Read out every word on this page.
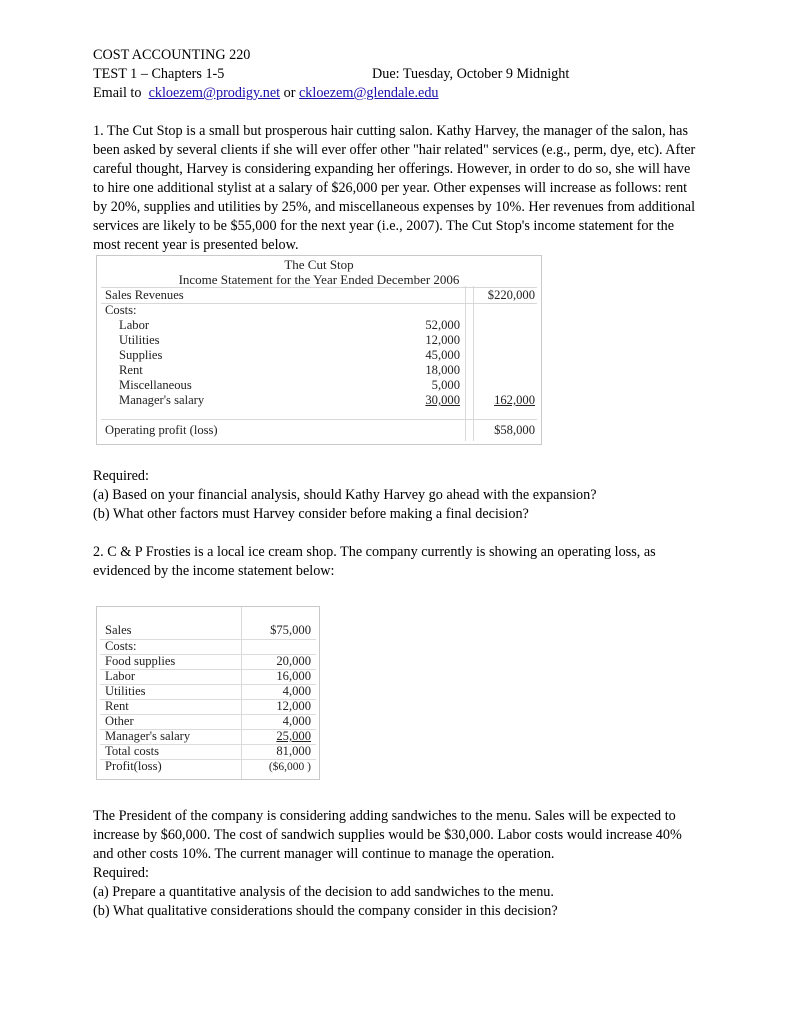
COST ACCOUNTING 220
TEST 1 – Chapters 1-5	Due: Tuesday, October 9 Midnight
Email to ckloezem@prodigy.net or ckloezem@glendale.edu
1. The Cut Stop is a small but prosperous hair cutting salon. Kathy Harvey, the manager of the salon, has been asked by several clients if she will ever offer other "hair related" services (e.g., perm, dye, etc). After careful thought, Harvey is considering expanding her offerings. However, in order to do so, she will have to hire one additional stylist at a salary of $26,000 per year. Other expenses will increase as follows: rent by 20%, supplies and utilities by 25%, and miscellaneous expenses by 10%. Her revenues from additional services are likely to be $55,000 for the next year (i.e., 2007). The Cut Stop's income statement for the most recent year is presented below.
The Cut Stop
Income Statement for the Year Ended December 2006
Sales Revenues	$220,000
Costs:
Labor	52,000
Utilities	12,000
Supplies	45,000
Rent	18,000
Miscellaneous	5,000
Manager's salary	30,000	162,000
Operating profit (loss)	$58,000
Required:
(a) Based on your financial analysis, should Kathy Harvey go ahead with the expansion?
(b) What other factors must Harvey consider before making a final decision?
2. C & P Frosties is a local ice cream shop. The company currently is showing an operating loss, as evidenced by the income statement below:
Sales	$75,000
Costs:
Food supplies	20,000
Labor	16,000
Utilities	4,000
Rent	12,000
Other	4,000
Manager's salary	25,000
Total costs	81,000
Profit(loss)	($6,000 )
The President of the company is considering adding sandwiches to the menu. Sales will be expected to increase by $60,000. The cost of sandwich supplies would be $30,000. Labor costs would increase 40% and other costs 10%. The current manager will continue to manage the operation.
Required:
(a) Prepare a quantitative analysis of the decision to add sandwiches to the menu.
(b) What qualitative considerations should the company consider in this decision?
